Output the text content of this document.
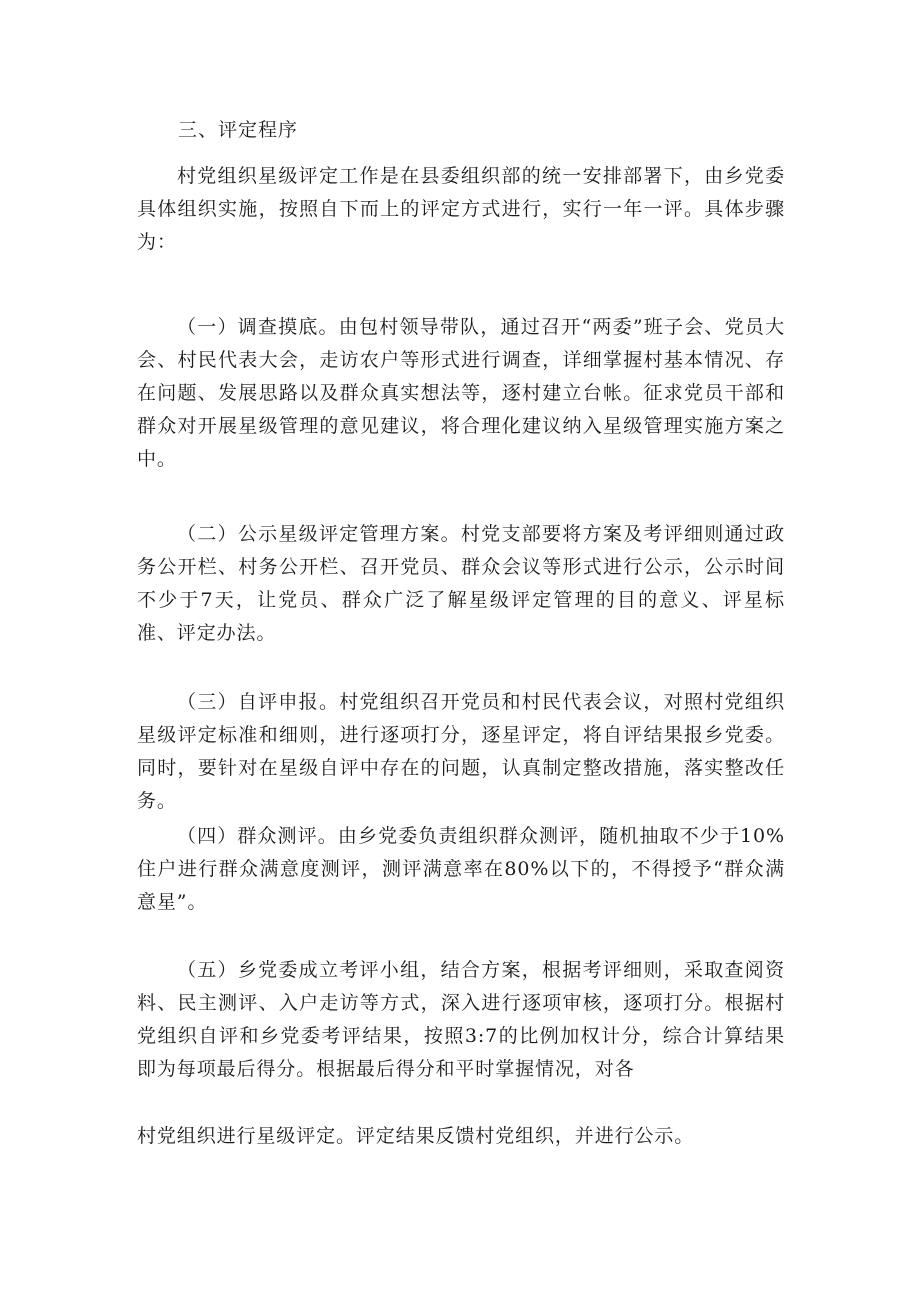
三、评定程序

村党组织星级评定工作是在县委组织部的统一安排部署下，由乡党委具体组织实施，按照自下而上的评定方式进行，实行一年一评。具体步骤为：

（一）调查摸底。由包村领导带队，通过召开“两委”班子会、党员大会、村民代表大会，走访农户等形式进行调查，详细掌握村基本情况、存在问题、发展思路以及群众真实想法等，逐村建立台帐。征求党员干部和群众对开展星级管理的意见建议，将合理化建议纳入星级管理实施方案之中。

（二）公示星级评定管理方案。村党支部要将方案及考评细则通过政务公开栏、村务公开栏、召开党员、群众会议等形式进行公示，公示时间不少于7天，让党员、群众广泛了解星级评定管理的目的意义、评星标准、评定办法。

（三）自评申报。村党组织召开党员和村民代表会议，对照村党组织星级评定标准和细则，进行逐项打分，逐星评定，将自评结果报乡党委。同时，要针对在星级自评中存在的问题，认真制定整改措施，落实整改任务。

（四）群众测评。由乡党委负责组织群众测评，随机抽取不少于10%住户进行群众满意度测评，测评满意率在80%以下的，不得授予“群众满意星”。

（五）乡党委成立考评小组，结合方案，根据考评细则，采取查阅资料、民主测评、入户走访等方式，深入进行逐项审核，逐项打分。根据村党组织自评和乡党委考评结果，按照3:7的比例加权计分，综合计算结果即为每项最后得分。根据最后得分和平时掌握情况，对各

村党组织进行星级评定。评定结果反馈村党组织，并进行公示。
